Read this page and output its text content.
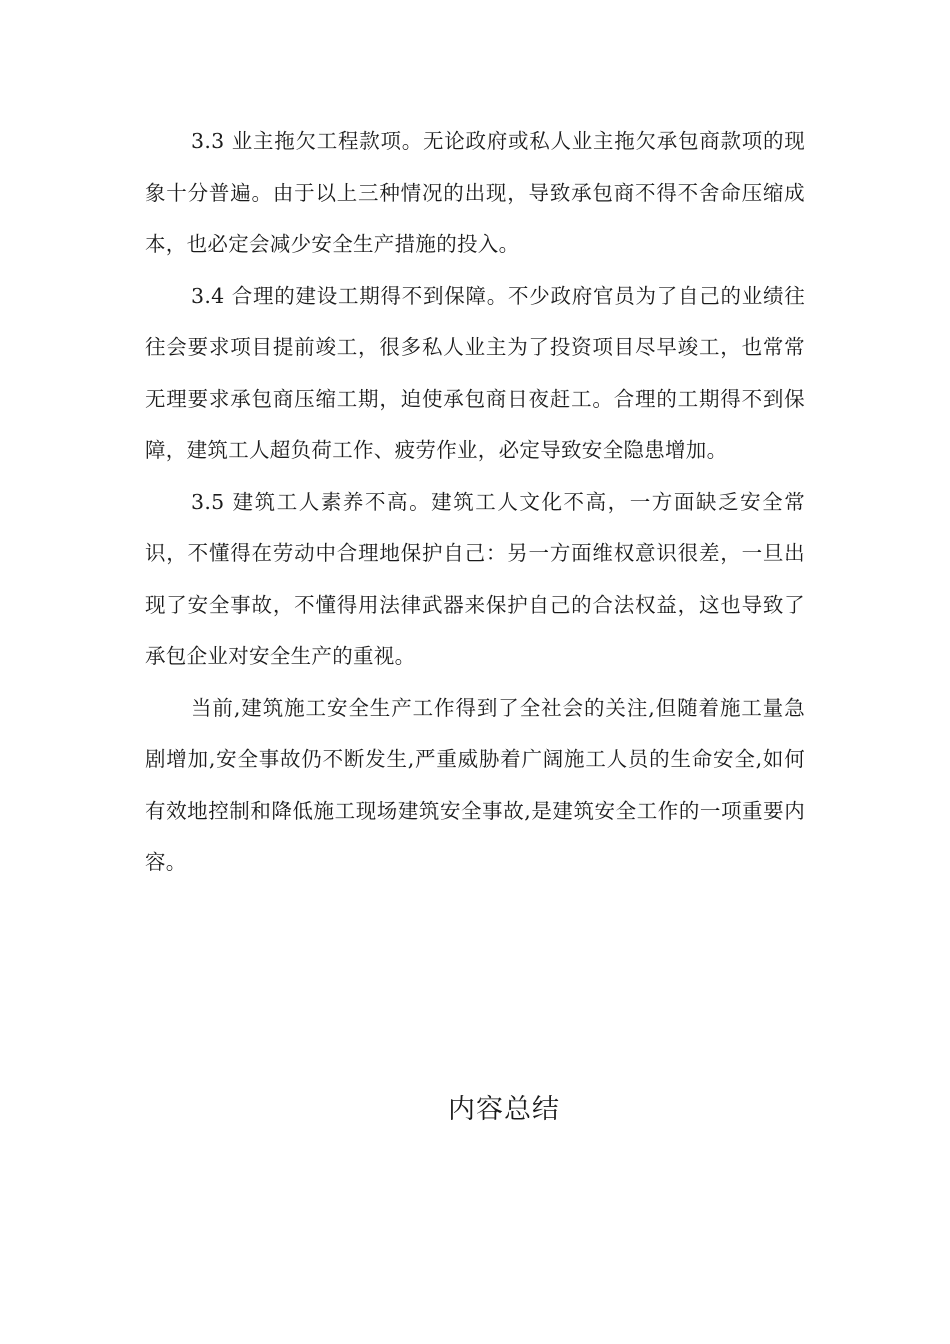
3.3 业主拖欠工程款项。无论政府或私人业主拖欠承包商款项的现象十分普遍。由于以上三种情况的出现，导致承包商不得不舍命压缩成本，也必定会减少安全生产措施的投入。

3.4 合理的建设工期得不到保障。不少政府官员为了自己的业绩往往会要求项目提前竣工，很多私人业主为了投资项目尽早竣工，也常常无理要求承包商压缩工期，迫使承包商日夜赶工。合理的工期得不到保障，建筑工人超负荷工作、疲劳作业，必定导致安全隐患增加。

3.5 建筑工人素养不高。建筑工人文化不高，一方面缺乏安全常识，不懂得在劳动中合理地保护自己：另一方面维权意识很差，一旦出现了安全事故，不懂得用法律武器来保护自己的合法权益，这也导致了承包企业对安全生产的重视。

当前,建筑施工安全生产工作得到了全社会的关注,但随着施工量急剧增加,安全事故仍不断发生,严重威胁着广阔施工人员的生命安全,如何有效地控制和降低施工现场建筑安全事故,是建筑安全工作的一项重要内容。

内容总结
